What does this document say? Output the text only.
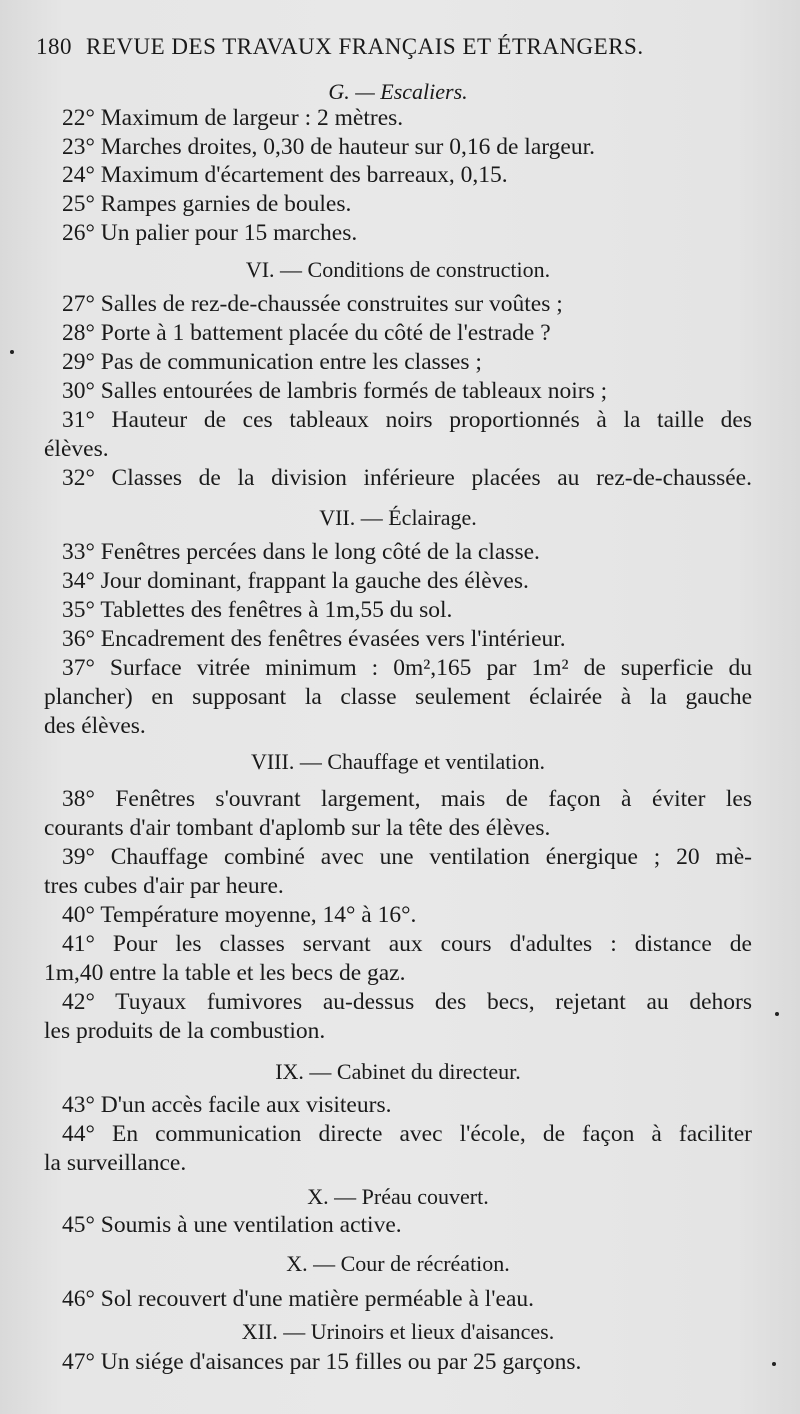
180 REVUE DES TRAVAUX FRANÇAIS ET ÉTRANGERS.
G. — Escaliers.
22° Maximum de largeur : 2 mètres.
23° Marches droites, 0,30 de hauteur sur 0,16 de largeur.
24° Maximum d'écartement des barreaux, 0,15.
25° Rampes garnies de boules.
26° Un palier pour 15 marches.
VI. — Conditions de construction.
27° Salles de rez-de-chaussée construites sur voûtes ;
28° Porte à 1 battement placée du côté de l'estrade ?
29° Pas de communication entre les classes ;
30° Salles entourées de lambris formés de tableaux noirs ;
31° Hauteur de ces tableaux noirs proportionnés à la taille des
élèves.
32° Classes de la division inférieure placées au rez-de-chaussée.
VII. — Éclairage.
33° Fenêtres percées dans le long côté de la classe.
34° Jour dominant, frappant la gauche des élèves.
35° Tablettes des fenêtres à 1m,55 du sol.
36° Encadrement des fenêtres évasées vers l'intérieur.
37° Surface vitrée minimum : 0m²,165 par 1m² de superficie du
plancher) en supposant la classe seulement éclairée à la gauche
des élèves.
VIII. — Chauffage et ventilation.
38° Fenêtres s'ouvrant largement, mais de façon à éviter les
courants d'air tombant d'aplomb sur la tête des élèves.
39° Chauffage combiné avec une ventilation énergique ; 20 mè-
tres cubes d'air par heure.
40° Température moyenne, 14° à 16°.
41° Pour les classes servant aux cours d'adultes : distance de
1m,40 entre la table et les becs de gaz.
42° Tuyaux fumivores au-dessus des becs, rejetant au dehors
les produits de la combustion.
IX. — Cabinet du directeur.
43° D'un accès facile aux visiteurs.
44° En communication directe avec l'école, de façon à faciliter
la surveillance.
X. — Préau couvert.
45° Soumis à une ventilation active.
X. — Cour de récréation.
46° Sol recouvert d'une matière perméable à l'eau.
XII. — Urinoirs et lieux d'aisances.
47° Un siége d'aisances par 15 filles ou par 25 garçons.
